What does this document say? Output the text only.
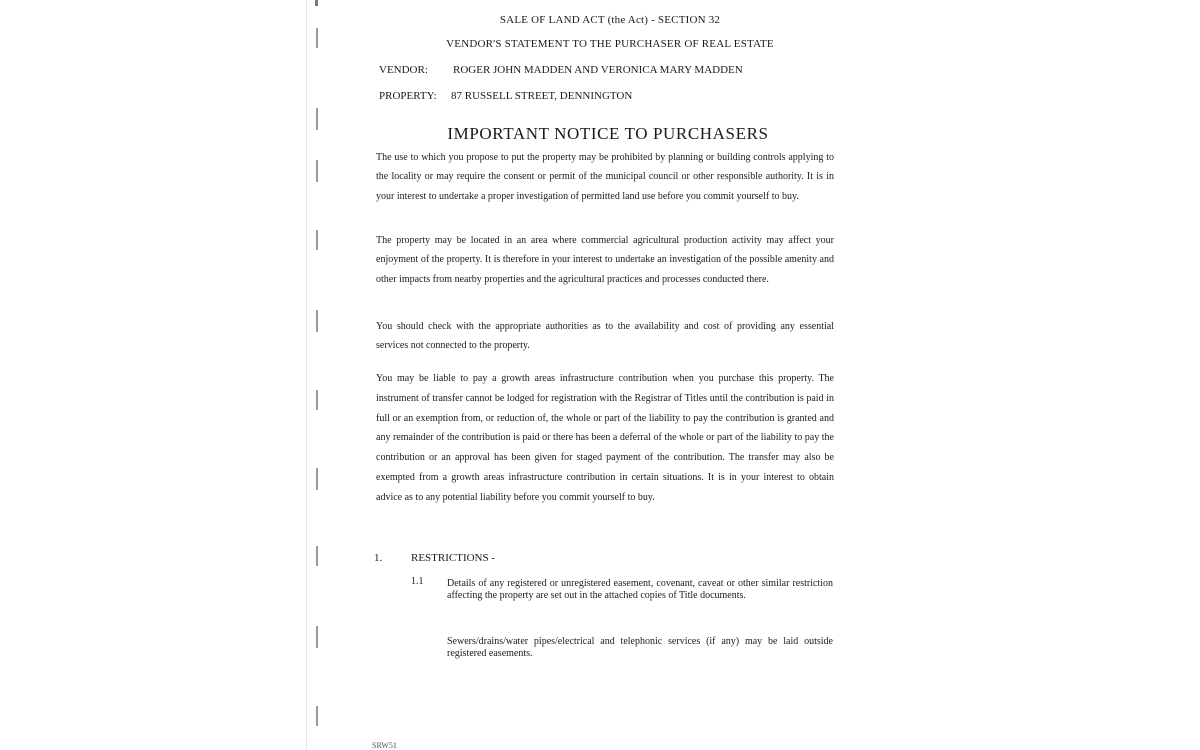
SALE OF LAND ACT (the Act) - SECTION 32
VENDOR'S STATEMENT TO THE PURCHASER OF REAL ESTATE
VENDOR: ROGER JOHN MADDEN AND VERONICA MARY MADDEN
PROPERTY: 87 RUSSELL STREET, DENNINGTON
IMPORTANT NOTICE TO PURCHASERS
The use to which you propose to put the property may be prohibited by planning or building controls applying to the locality or may require the consent or permit of the municipal council or other responsible authority. It is in your interest to undertake a proper investigation of permitted land use before you commit yourself to buy.
The property may be located in an area where commercial agricultural production activity may affect your enjoyment of the property. It is therefore in your interest to undertake an investigation of the possible amenity and other impacts from nearby properties and the agricultural practices and processes conducted there.
You should check with the appropriate authorities as to the availability and cost of providing any essential services not connected to the property.
You may be liable to pay a growth areas infrastructure contribution when you purchase this property. The instrument of transfer cannot be lodged for registration with the Registrar of Titles until the contribution is paid in full or an exemption from, or reduction of, the whole or part of the liability to pay the contribution is granted and any remainder of the contribution is paid or there has been a deferral of the whole or part of the liability to pay the contribution or an approval has been given for staged payment of the contribution. The transfer may also be exempted from a growth areas infrastructure contribution in certain situations. It is in your interest to obtain advice as to any potential liability before you commit yourself to buy.
1.	RESTRICTIONS -
1.1 Details of any registered or unregistered easement, covenant, caveat or other similar restriction affecting the property are set out in the attached copies of Title documents.
Sewers/drains/water pipes/electrical and telephonic services (if any) may be laid outside registered easements.
SRW51
